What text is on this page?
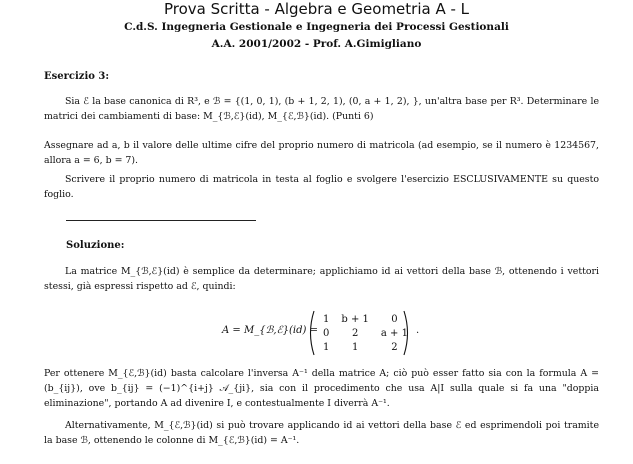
Prova Scritta - Algebra e Geometria A - L
C.d.S. Ingegneria Gestionale e Ingegneria dei Processi Gestionali
A.A. 2001/2002 - Prof. A.Gimigliano
Esercizio 3:
Sia ℰ la base canonica di R³, e ℬ = {(1, 0, 1), (b + 1, 2, 1), (0, a + 1, 2), }, un'altra base per R³. Determinare le matrici dei cambiamenti di base: M_{ℬ,ℰ}(id), M_{ℰ,ℬ}(id). (Punti 6)
Assegnare ad a, b il valore delle ultime cifre del proprio numero di matricola (ad esempio, se il numero è 1234567, allora a = 6, b = 7).
Scrivere il proprio numero di matricola in testa al foglio e svolgere l'esercizio ESCLUSIVAMENTE su questo foglio.
Soluzione:
La matrice M_{ℬ,ℰ}(id) è semplice da determinare; applichiamo id ai vettori della base ℬ, ottenendo i vettori stessi, già espressi rispetto ad ℰ, quindi:
A = M_{ℬ,ℰ}(id) =
1	b + 1	0
0	2	a + 1
1	1	2
.
Per ottenere M_{ℰ,ℬ}(id) basta calcolare l'inversa A⁻¹ della matrice A; ciò può esser fatto sia con la formula A = (b_{ij}), ove b_{ij} = (−1)^{i+j} 𝒜_{ji}, sia con il procedimento che usa A|I sulla quale si fa una "doppia eliminazione", portando A ad divenire I, e contestualmente I diverrà A⁻¹.
Alternativamente, M_{ℰ,ℬ}(id) si può trovare applicando id ai vettori della base ℰ ed esprimendoli poi tramite la base ℬ, ottenendo le colonne di M_{ℰ,ℬ}(id) = A⁻¹.
